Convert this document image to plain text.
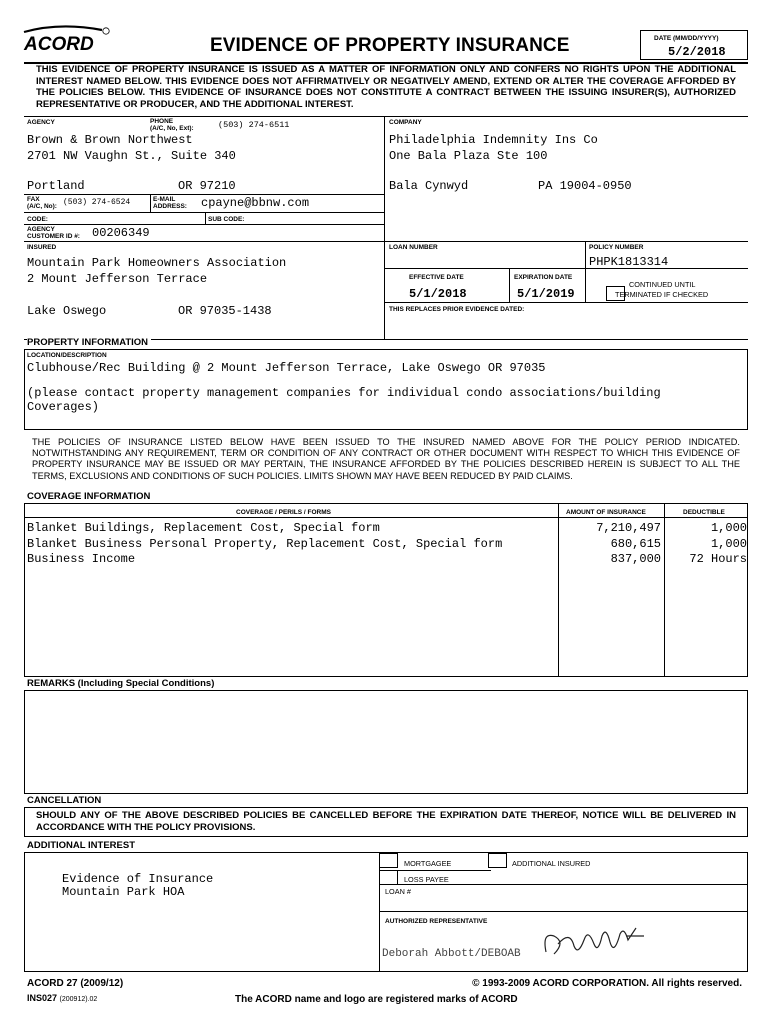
ACORD	EVIDENCE OF PROPERTY INSURANCE	DATE (MM/DD/YYYY)
5/2/2018
THIS EVIDENCE OF PROPERTY INSURANCE IS ISSUED AS A MATTER OF INFORMATION ONLY AND CONFERS NO RIGHTS UPON THE ADDITIONAL INTEREST NAMED BELOW. THIS EVIDENCE DOES NOT AFFIRMATIVELY OR NEGATIVELY AMEND, EXTEND OR ALTER THE COVERAGE AFFORDED BY THE POLICIES BELOW. THIS EVIDENCE OF INSURANCE DOES NOT CONSTITUTE A CONTRACT BETWEEN THE ISSUING INSURER(S), AUTHORIZED REPRESENTATIVE OR PRODUCER, AND THE ADDITIONAL INTEREST.
AGENCY	PHONE
(A/C, No, Ext):	(503) 274-6511
Brown & Brown Northwest
2701 NW Vaughn St., Suite 340
Portland	OR 97210
FAX
(A/C, No): (503) 274-6524	E-MAIL
ADDRESS: cpayne@bbnw.com
CODE:	SUB CODE:
AGENCY
CUSTOMER ID #: 00206349
COMPANY
Philadelphia Indemnity Ins Co
One Bala Plaza Ste 100
Bala Cynwyd	PA 19004-0950
INSURED
Mountain Park Homeowners Association
2 Mount Jefferson Terrace
Lake Oswego	OR 97035-1438
LOAN NUMBER	POLICY NUMBER
PHPK1813314
EFFECTIVE DATE	EXPIRATION DATE
5/1/2018	5/1/2019
CONTINUED UNTIL
TERMINATED IF CHECKED
THIS REPLACES PRIOR EVIDENCE DATED:
PROPERTY INFORMATION
LOCATION/DESCRIPTION
Clubhouse/Rec Building @ 2 Mount Jefferson Terrace, Lake Oswego OR 97035
(please contact property management companies for individual condo associations/building
Coverages)
THE POLICIES OF INSURANCE LISTED BELOW HAVE BEEN ISSUED TO THE INSURED NAMED ABOVE FOR THE POLICY PERIOD INDICATED. NOTWITHSTANDING ANY REQUIREMENT, TERM OR CONDITION OF ANY CONTRACT OR OTHER DOCUMENT WITH RESPECT TO WHICH THIS EVIDENCE OF PROPERTY INSURANCE MAY BE ISSUED OR MAY PERTAIN, THE INSURANCE AFFORDED BY THE POLICIES DESCRIBED HEREIN IS SUBJECT TO ALL THE TERMS, EXCLUSIONS AND CONDITIONS OF SUCH POLICIES. LIMITS SHOWN MAY HAVE BEEN REDUCED BY PAID CLAIMS.
COVERAGE INFORMATION
COVERAGE / PERILS / FORMS	AMOUNT OF INSURANCE	DEDUCTIBLE
Blanket Buildings, Replacement Cost, Special form	7,210,497	1,000
Blanket Business Personal Property, Replacement Cost, Special form	680,615	1,000
Business Income	837,000 72 Hours
REMARKS (Including Special Conditions)
CANCELLATION
SHOULD ANY OF THE ABOVE DESCRIBED POLICIES BE CANCELLED BEFORE THE EXPIRATION DATE THEREOF, NOTICE WILL BE DELIVERED IN ACCORDANCE WITH THE POLICY PROVISIONS.
ADDITIONAL INTEREST
Evidence of Insurance
Mountain Park HOA
MORTGAGEE	ADDITIONAL INSURED
LOSS PAYEE
LOAN #
AUTHORIZED REPRESENTATIVE
Deborah Abbott/DEBOAB
ACORD 27 (2009/12)	© 1993-2009 ACORD CORPORATION. All rights reserved.
INS027 (200912).02	The ACORD name and logo are registered marks of ACORD
